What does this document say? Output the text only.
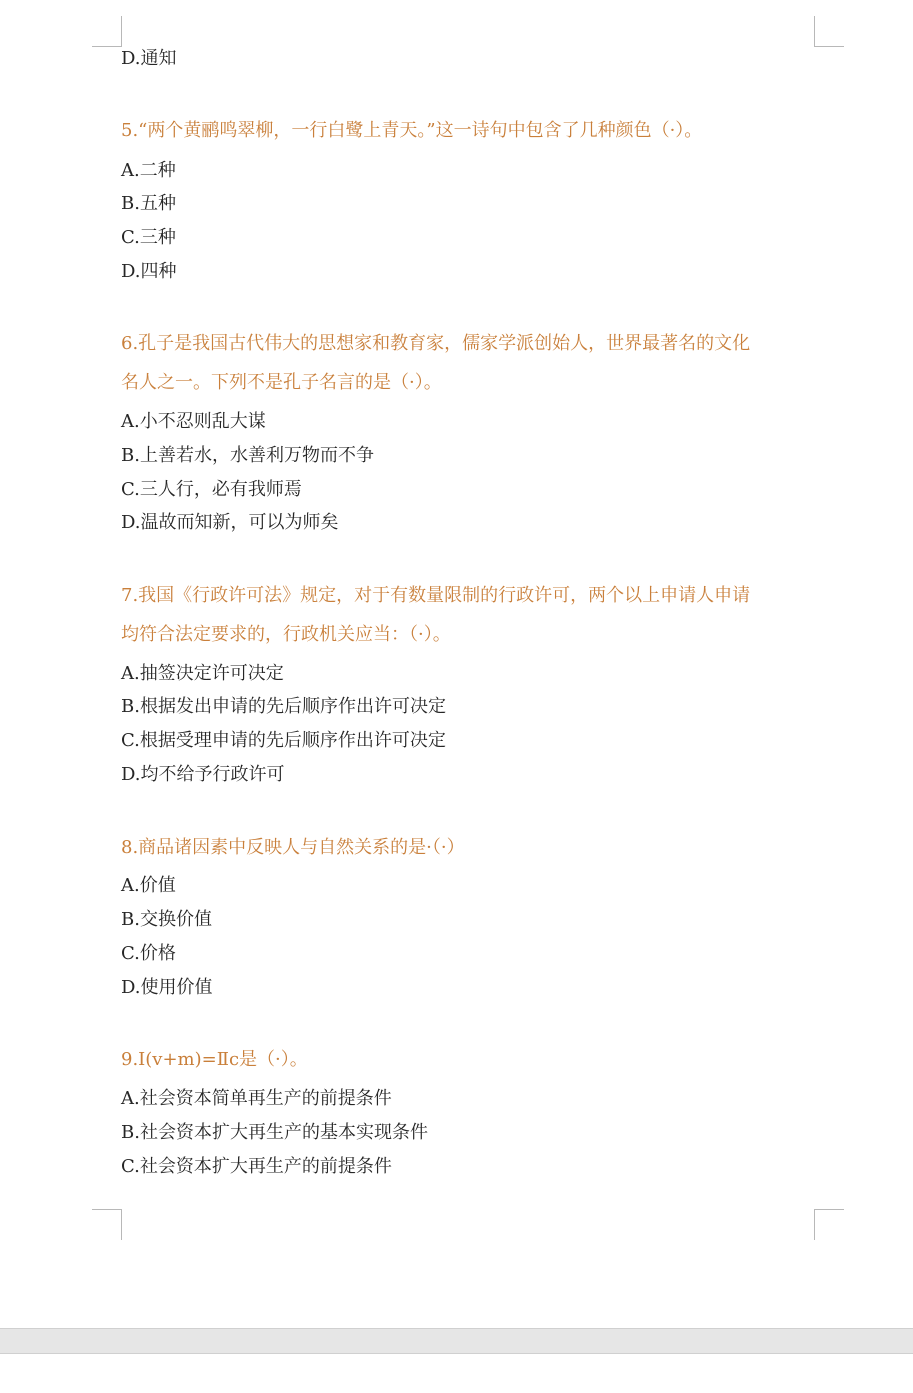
D.通知
5.“两个黄鹂鸣翠柳，一行白鹭上青天。”这一诗句中包含了几种颜色（·）。
A.二种
B.五种
C.三种
D.四种
6.孔子是我国古代伟大的思想家和教育家，儒家学派创始人，世界最著名的文化
名人之一。下列不是孔子名言的是（·）。
A.小不忍则乱大谋
B.上善若水，水善利万物而不争
C.三人行，必有我师焉
D.温故而知新，可以为师矣
7.我国《行政许可法》规定，对于有数量限制的行政许可，两个以上申请人申请
均符合法定要求的，行政机关应当：（·）。
A.抽签决定许可决定
B.根据发出申请的先后顺序作出许可决定
C.根据受理申请的先后顺序作出许可决定
D.均不给予行政许可
8.商品诸因素中反映人与自然关系的是·（·）
A.价值
B.交换价值
C.价格
D.使用价值
9.Ⅰ(v+m)=Ⅱc是（·）。
A.社会资本简单再生产的前提条件
B.社会资本扩大再生产的基本实现条件
C.社会资本扩大再生产的前提条件
